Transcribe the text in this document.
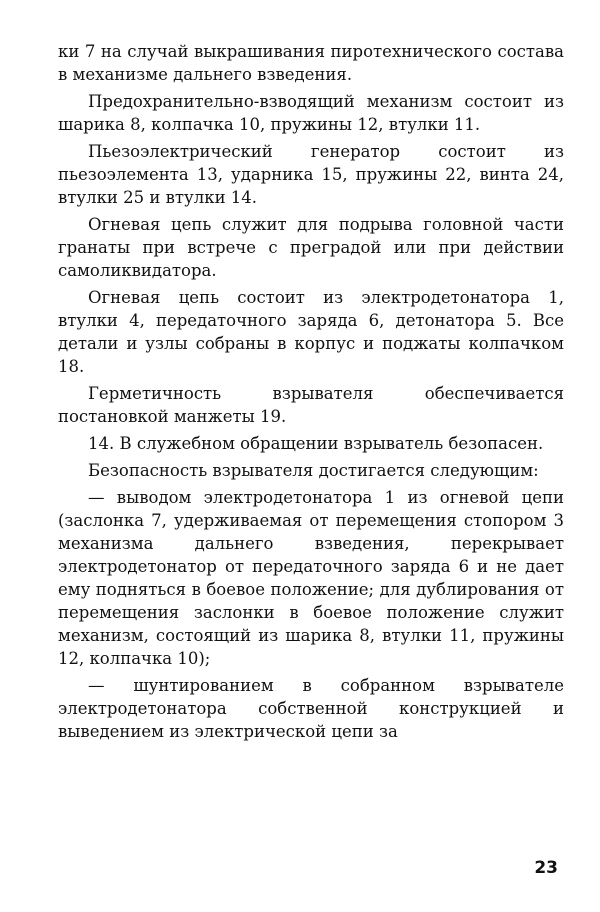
ки 7 на случай выкрашивания пиротехнического состава в механизме дальнего взведения.

Предохранительно-взводящий механизм состоит из шарика 8, колпачка 10, пружины 12, втулки 11.

Пьезоэлектрический генератор состоит из пьезоэлемента 13, ударника 15, пружины 22, винта 24, втулки 25 и втулки 14.

Огневая цепь служит для подрыва головной части гранаты при встрече с преградой или при действии самоликвидатора.

Огневая цепь состоит из электродетонатора 1, втулки 4, передаточного заряда 6, детонатора 5. Все детали и узлы собраны в корпус и поджаты колпачком 18.

Герметичность взрывателя обеспечивается постановкой манжеты 19.

14. В служебном обращении взрыватель безопасен.

Безопасность взрывателя достигается следующим:

— выводом электродетонатора 1 из огневой цепи (заслонка 7, удерживаемая от перемещения стопором 3 механизма дальнего взведения, перекрывает электродетонатор от передаточного заряда 6 и не дает ему подняться в боевое положение; для дублирования от перемещения заслонки в боевое положение служит механизм, состоящий из шарика 8, втулки 11, пружины 12, колпачка 10);

— шунтированием в собранном взрывателе электродетонатора собственной конструкцией и выведением из электрической цепи за

23
